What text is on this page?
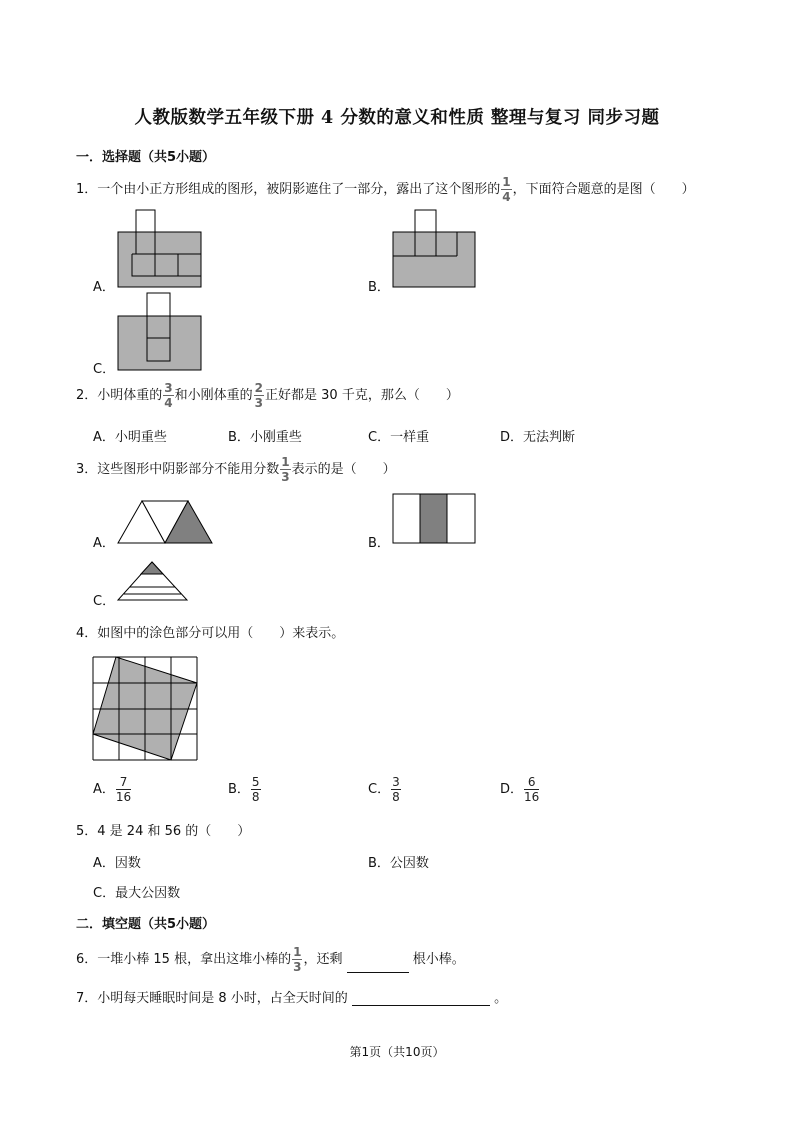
人教版数学五年级下册 4 分数的意义和性质 整理与复习 同步习题
一．选择题（共5小题）
1．一个由小正方形组成的图形，被阴影遮住了一部分，露出了这个图形的 $\frac{1}{4}$ ，下面符合题意的是图（　　）
A．	B．
C．
2．小明体重的 $\frac{3}{4}$ 和小刚体重的 $\frac{2}{3}$ 正好都是 30 千克，那么（　　）
A．小明重些	B．小刚重些	C．一样重	D．无法判断
3．这些图形中阴影部分不能用分数 $\frac{1}{3}$ 表示的是（　　）
A．	B．
C．
4．如图中的涂色部分可以用（　　）来表示。
A． $\frac{7}{16}$	B． $\frac{5}{8}$	C． $\frac{3}{8}$	D． $\frac{6}{16}$
5．4 是 24 和 56 的（　　）
A．因数	B．公因数
C．最大公因数
二．填空题（共5小题）
6．一堆小棒 15 根，拿出这堆小棒的 $\frac{1}{3}$ ，还剩	根小棒。
7．小明每天睡眠时间是 8 小时，占全天时间的	。
第1页（共10页）
